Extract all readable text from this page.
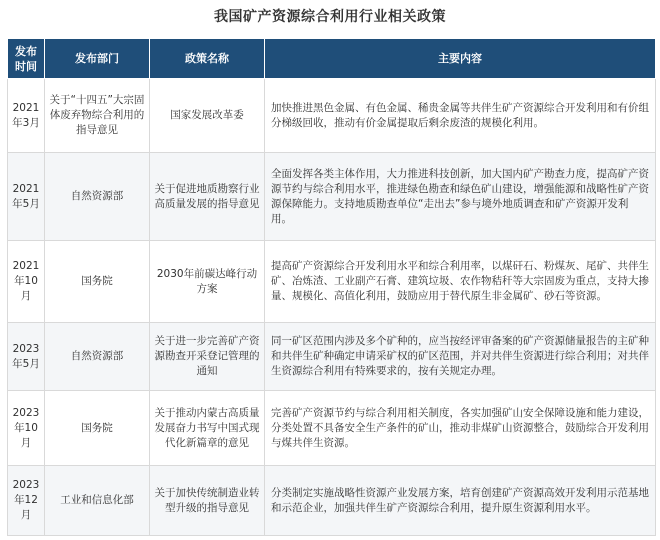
我国矿产资源综合利用行业相关政策
发布时间	发布部门	政策名称	主要内容
2021年3月	关于“十四五”大宗固体废弃物综合利用的指导意见	国家发展改革委	加快推进黑色金属、有色金属、稀贵金属等共伴生矿产资源综合开发利用和有价组分梯级回收，推动有价金属提取后剩余废渣的规模化利用。
2021年5月	自然资源部	关于促进地质勘察行业高质量发展的指导意见	全面发挥各类主体作用，大力推进科技创新，加大国内矿产勘查力度，提高矿产资源节约与综合利用水平，推进绿色勘查和绿色矿山建设，增强能源和战略性矿产资源保障能力。支持地质勘查单位“走出去”参与境外地质调查和矿产资源开发利用。
2021年10月	国务院	2030年前碳达峰行动方案	提高矿产资源综合开发利用水平和综合利用率，以煤矸石、粉煤灰、尾矿、共伴生矿、冶炼渣、工业副产石膏、建筑垃圾、农作物秸秆等大宗固废为重点，支持大掺量、规模化、高值化利用，鼓励应用于替代原生非金属矿、砂石等资源。
2023年5月	自然资源部	关于进一步完善矿产资源勘查开采登记管理的通知	同一矿区范围内涉及多个矿种的，应当按经评审备案的矿产资源储量报告的主矿种和共伴生矿种确定申请采矿权的矿区范围，并对共伴生资源进行综合利用；对共伴生资源综合利用有特殊要求的，按有关规定办理。
2023年10月	国务院	关于推动内蒙古高质量发展奋力书写中国式现代化新篇章的意见	完善矿产资源节约与综合利用相关制度，各实加强矿山安全保障设施和能力建设，分类处置不具备安全生产条件的矿山，推动非煤矿山资源整合，鼓励综合开发利用与煤共伴生资源。
2023年12月	工业和信息化部	关于加快传统制造业转型升级的指导意见	分类制定实施战略性资源产业发展方案，培育创建矿产资源高效开发利用示范基地和示范企业，加强共伴生矿产资源综合利用，提升原生资源利用水平。
